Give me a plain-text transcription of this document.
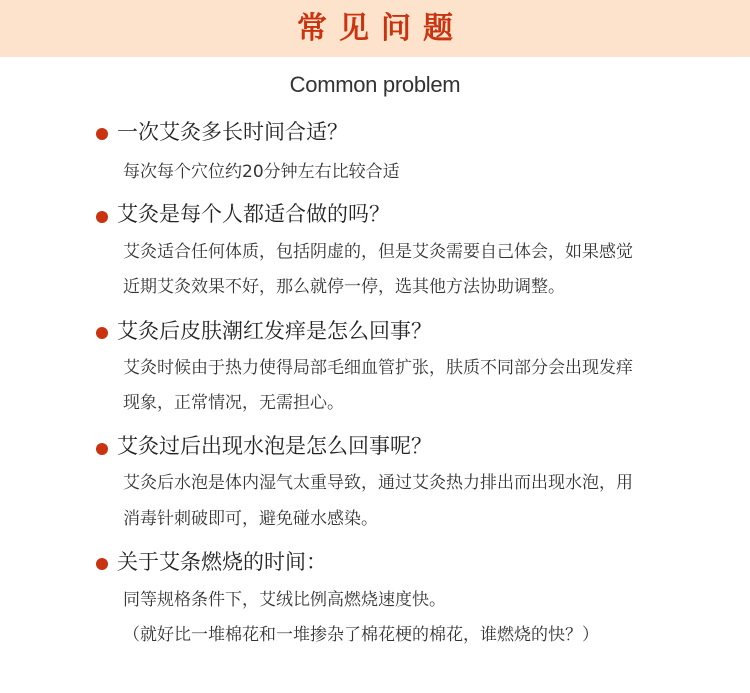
常见问题
Common problem
一次艾灸多长时间合适？
每次每个穴位约20分钟左右比较合适
艾灸是每个人都适合做的吗？
艾灸适合任何体质，包括阴虚的，但是艾灸需要自己体会，如果感觉
近期艾灸效果不好，那么就停一停，选其他方法协助调整。
艾灸后皮肤潮红发痒是怎么回事？
艾灸时候由于热力使得局部毛细血管扩张，肤质不同部分会出现发痒
现象，正常情况，无需担心。
艾灸过后出现水泡是怎么回事呢？
艾灸后水泡是体内湿气太重导致，通过艾灸热力排出而出现水泡，用
消毒针刺破即可，避免碰水感染。
关于艾条燃烧的时间：
同等规格条件下，艾绒比例高燃烧速度快。
（就好比一堆棉花和一堆掺杂了棉花梗的棉花，谁燃烧的快？）
